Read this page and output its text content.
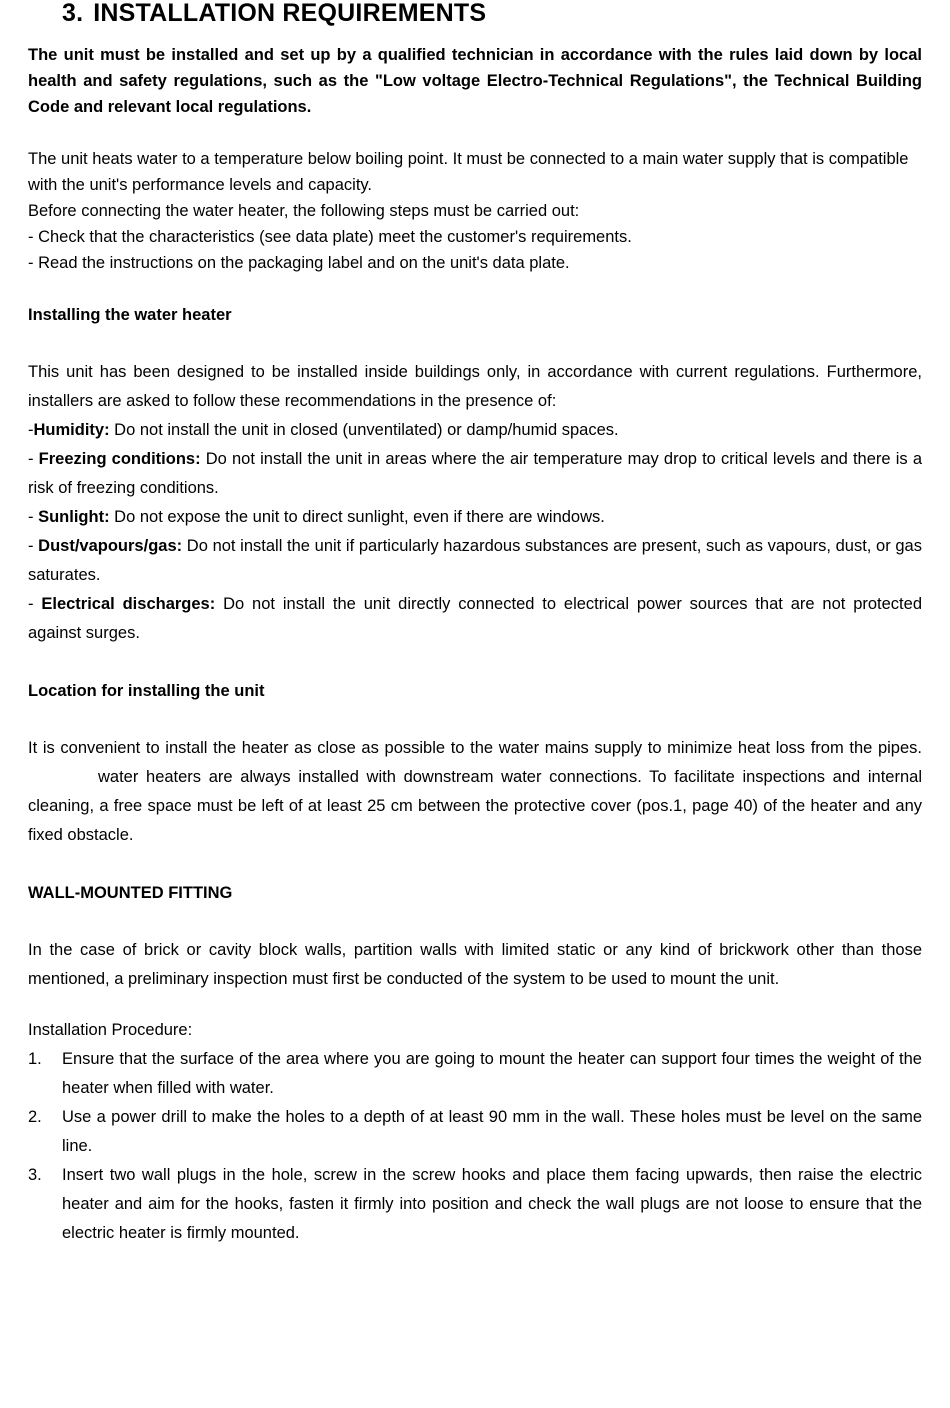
3. INSTALLATION REQUIREMENTS

The unit must be installed and set up by a qualified technician in accordance with the rules laid down by local health and safety regulations, such as the "Low voltage Electro-Technical Regulations", the Technical Building Code and relevant local regulations.

The unit heats water to a temperature below boiling point. It must be connected to a main water supply that is compatible with the unit's performance levels and capacity.

Before connecting the water heater, the following steps must be carried out:

- Check that the characteristics (see data plate) meet the customer's requirements.

- Read the instructions on the packaging label and on the unit's data plate.

Installing the water heater

This unit has been designed to be installed inside buildings only, in accordance with current regulations. Furthermore, installers are asked to follow these recommendations in the presence of:

-Humidity: Do not install the unit in closed (unventilated) or damp/humid spaces.

- Freezing conditions: Do not install the unit in areas where the air temperature may drop to critical levels and there is a risk of freezing conditions.

- Sunlight: Do not expose the unit to direct sunlight, even if there are windows.

- Dust/vapours/gas: Do not install the unit if particularly hazardous substances are present, such as vapours, dust, or gas saturates.

- Electrical discharges: Do not install the unit directly connected to electrical power sources that are not protected against surges.

Location for installing the unit

It is convenient to install the heater as close as possible to the water mains supply to minimize heat loss from the pipes.water heaters are always installed with downstream water connections. To facilitate inspections and internal cleaning, a free space must be left of at least 25 cm between the protective cover (pos.1, page 40) of the heater and any fixed obstacle.

WALL-MOUNTED FITTING

In the case of brick or cavity block walls, partition walls with limited static or any kind of brickwork other than those mentioned, a preliminary inspection must first be conducted of the system to be used to mount the unit.

Installation Procedure:

1. Ensure that the surface of the area where you are going to mount the heater can support four times the weight of the heater when filled with water.
2. Use a power drill to make the holes to a depth of at least 90 mm in the wall. These holes must be level on the same line.
3. Insert two wall plugs in the hole, screw in the screw hooks and place them facing upwards, then raise the electric heater and aim for the hooks, fasten it firmly into position and check the wall plugs are not loose to ensure that the electric heater is firmly mounted.
